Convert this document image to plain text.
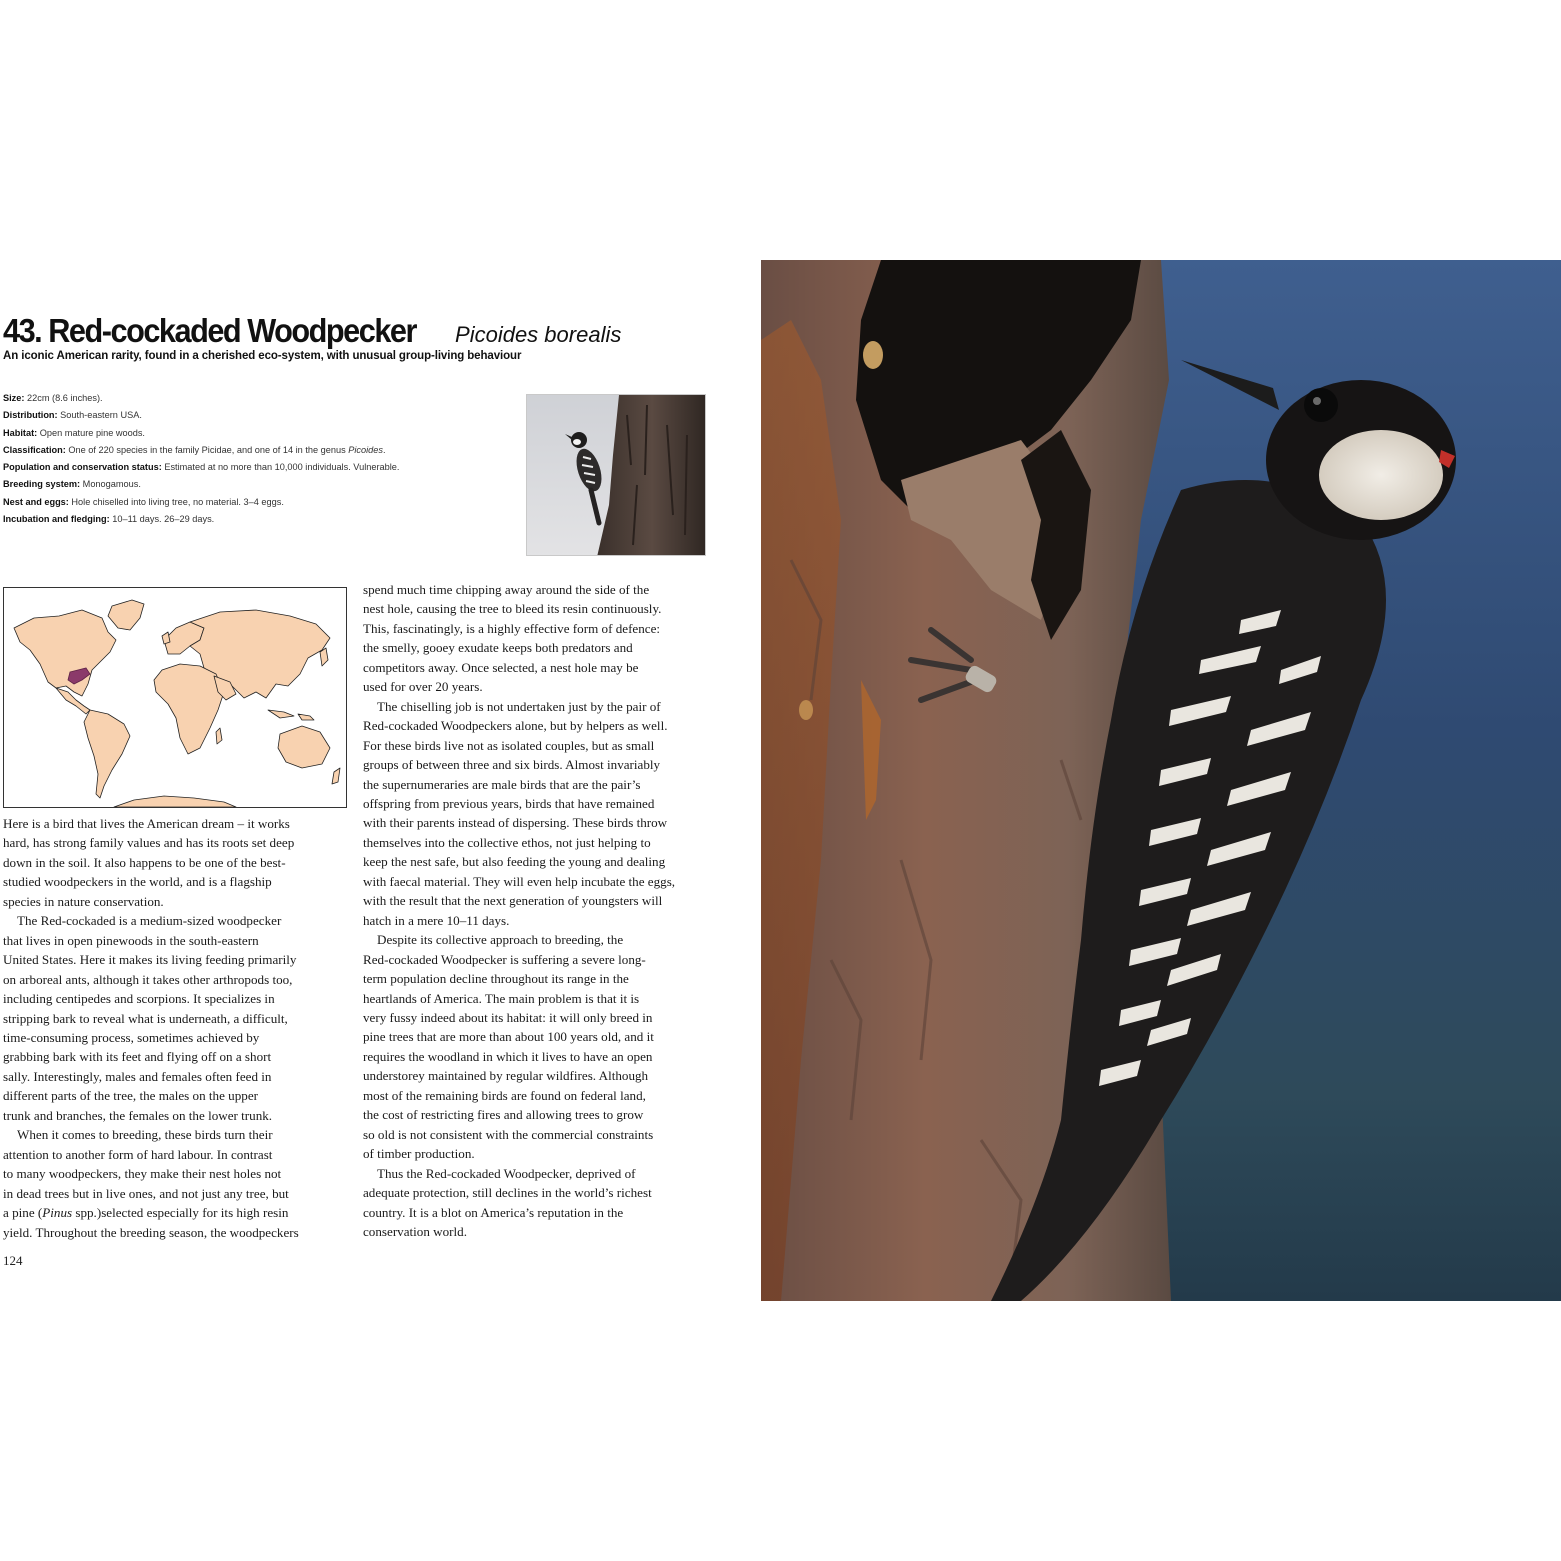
43. Red-cockaded Woodpecker Picoides borealis
An iconic American rarity, found in a cherished eco-system, with unusual group-living behaviour
Size: 22cm (8.6 inches).
Distribution: South-eastern USA.
Habitat: Open mature pine woods.
Classification: One of 220 species in the family Picidae, and one of 14 in the genus Picoides.
Population and conservation status: Estimated at no more than 10,000 individuals. Vulnerable.
Breeding system: Monogamous.
Nest and eggs: Hole chiselled into living tree, no material. 3–4 eggs.
Incubation and fledging: 10–11 days. 26–29 days.
Here is a bird that lives the American dream – it works
hard, has strong family values and has its roots set deep
down in the soil. It also happens to be one of the best-
studied woodpeckers in the world, and is a flagship
species in nature conservation.
The Red-cockaded is a medium-sized woodpecker
that lives in open pinewoods in the south-eastern
United States. Here it makes its living feeding primarily
on arboreal ants, although it takes other arthropods too,
including centipedes and scorpions. It specializes in
stripping bark to reveal what is underneath, a difficult,
time-consuming process, sometimes achieved by
grabbing bark with its feet and flying off on a short
sally. Interestingly, males and females often feed in
different parts of the tree, the males on the upper
trunk and branches, the females on the lower trunk.
When it comes to breeding, these birds turn their
attention to another form of hard labour. In contrast
to many woodpeckers, they make their nest holes not
in dead trees but in live ones, and not just any tree, but
a pine (Pinus spp.)selected especially for its high resin
yield. Throughout the breeding season, the woodpeckers
spend much time chipping away around the side of the
nest hole, causing the tree to bleed its resin continuously.
This, fascinatingly, is a highly effective form of defence:
the smelly, gooey exudate keeps both predators and
competitors away. Once selected, a nest hole may be
used for over 20 years.
The chiselling job is not undertaken just by the pair of
Red-cockaded Woodpeckers alone, but by helpers as well.
For these birds live not as isolated couples, but as small
groups of between three and six birds. Almost invariably
the supernumeraries are male birds that are the pair’s
offspring from previous years, birds that have remained
with their parents instead of dispersing. These birds throw
themselves into the collective ethos, not just helping to
keep the nest safe, but also feeding the young and dealing
with faecal material. They will even help incubate the eggs,
with the result that the next generation of youngsters will
hatch in a mere 10–11 days.
Despite its collective approach to breeding, the
Red-cockaded Woodpecker is suffering a severe long-
term population decline throughout its range in the
heartlands of America. The main problem is that it is
very fussy indeed about its habitat: it will only breed in
pine trees that are more than about 100 years old, and it
requires the woodland in which it lives to have an open
understorey maintained by regular wildfires. Although
most of the remaining birds are found on federal land,
the cost of restricting fires and allowing trees to grow
so old is not consistent with the commercial constraints
of timber production.
Thus the Red-cockaded Woodpecker, deprived of
adequate protection, still declines in the world’s richest
country. It is a blot on America’s reputation in the
conservation world.
124
